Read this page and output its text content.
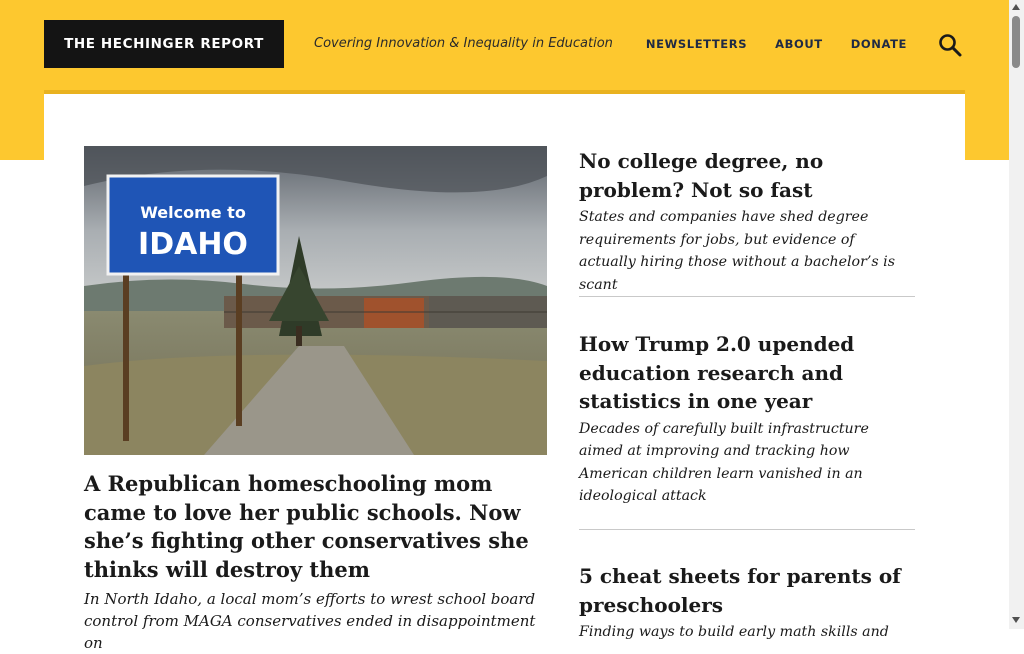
THE HECHINGER REPORT	Covering Innovation & Inequality in Education	NEWSLETTERS ABOUT DONATE
Welcome to
IDAHO
A Republican homeschooling mom came to love her public schools. Now she’s fighting other conservatives she thinks will destroy them
In North Idaho, a local mom’s efforts to wrest school board control from MAGA conservatives ended in disappointment on
No college degree, no problem? Not so fast
States and companies have shed degree requirements for jobs, but evidence of actually hiring those without a bachelor’s is scant
How Trump 2.0 upended education research and statistics in one year
Decades of carefully built infrastructure aimed at improving and tracking how American children learn vanished in an ideological attack
5 cheat sheets for parents of preschoolers
Finding ways to build early math skills and
